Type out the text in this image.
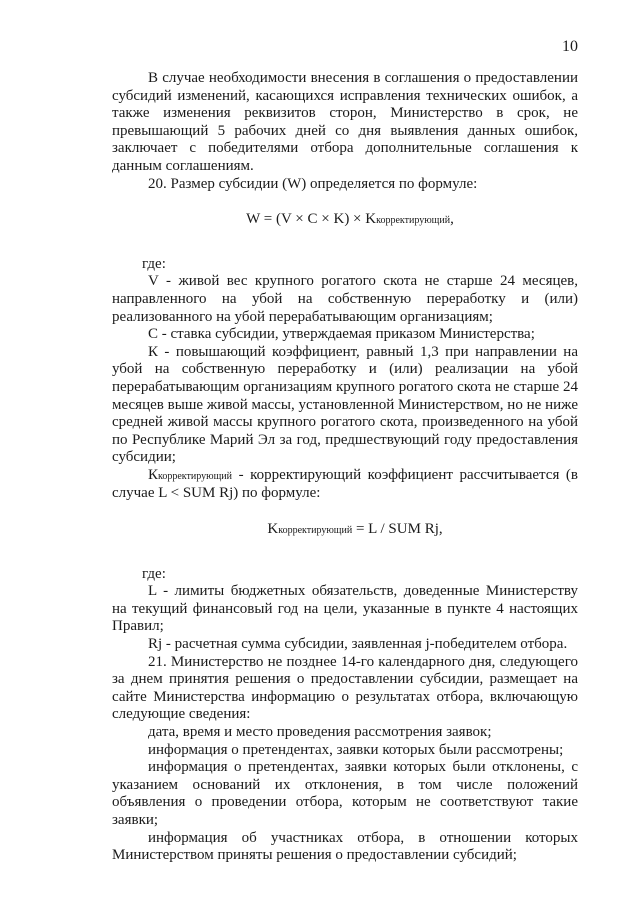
10

В случае необходимости внесения в соглашения о предоставлении субсидий изменений, касающихся исправления технических ошибок, а также изменения реквизитов сторон, Министерство в срок, не превышающий 5 рабочих дней со дня выявления данных ошибок, заключает с победителями отбора дополнительные соглашения к данным соглашениям.

20. Размер субсидии (W) определяется по формуле:

W = (V × C × K) × Kкорректирующий,

где:

V - живой вес крупного рогатого скота не старше 24 месяцев, направленного на убой на собственную переработку и (или) реализованного на убой перерабатывающим организациям;

С - ставка субсидии, утверждаемая приказом Министерства;

К - повышающий коэффициент, равный 1,3 при направлении на убой на собственную переработку и (или) реализации на убой перерабатывающим организациям крупного рогатого скота не старше 24 месяцев выше живой массы, установленной Министерством, но не ниже средней живой массы крупного рогатого скота, произведенного на убой по Республике Марий Эл за год, предшествующий году предоставления субсидии;

Ккорректирующий - корректирующий коэффициент рассчитывается (в случае L < SUM Rj) по формуле:

Kкорректирующий = L / SUM Rj,

где:

L - лимиты бюджетных обязательств, доведенные Министерству на текущий финансовый год на цели, указанные в пункте 4 настоящих Правил;

Rj - расчетная сумма субсидии, заявленная j-победителем отбора.

21. Министерство не позднее 14-го календарного дня, следующего за днем принятия решения о предоставлении субсидии, размещает на сайте Министерства информацию о результатах отбора, включающую следующие сведения:

дата, время и место проведения рассмотрения заявок;

информация о претендентах, заявки которых были рассмотрены;

информация о претендентах, заявки которых были отклонены, с указанием оснований их отклонения, в том числе положений объявления о проведении отбора, которым не соответствуют такие заявки;

информация об участниках отбора, в отношении которых Министерством приняты решения о предоставлении субсидий;
